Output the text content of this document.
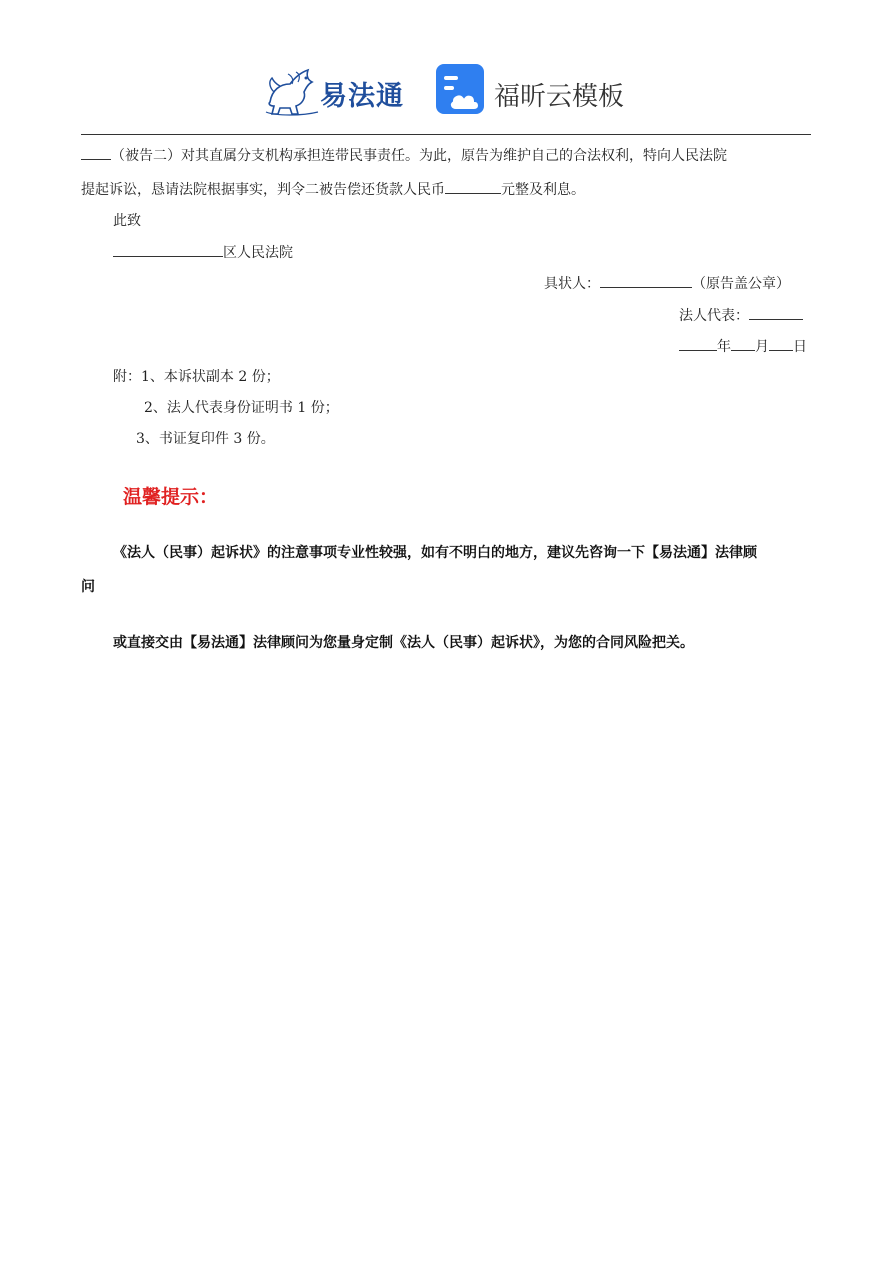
易法通	福昕云模板
（被告二）对其直属分支机构承担连带民事责任。为此，原告为维护自己的合法权利，特向人民法院
提起诉讼，恳请法院根据事实，判令二被告偿还货款人民币	元整及利息。
此致
区人民法院
具状人：	（原告盖公章）
法人代表：
年 月 日
附：1、本诉状副本 2 份；
2、法人代表身份证明书 1 份；
3、书证复印件 3 份。
温馨提示：
《法人（民事）起诉状》的注意事项专业性较强，如有不明白的地方，建议先咨询一下【易法通】法律顾
问
或直接交由【易法通】法律顾问为您量身定制《法人（民事）起诉状》，为您的合同风险把关。
